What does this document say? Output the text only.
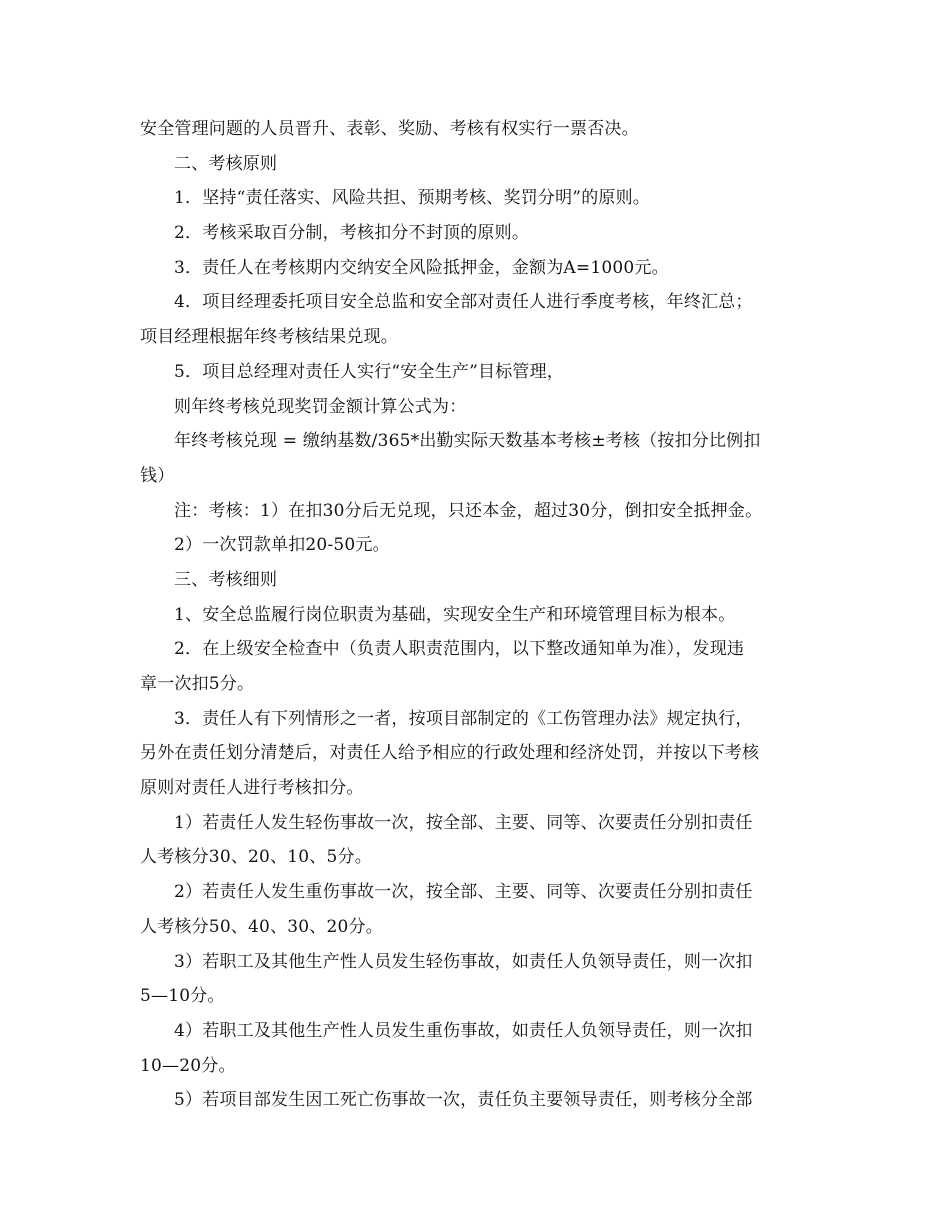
安全管理问题的人员晋升、表彰、奖励、考核有权实行一票否决。
二、考核原则
1．坚持“责任落实、风险共担、预期考核、奖罚分明”的原则。
2．考核采取百分制，考核扣分不封顶的原则。
3．责任人在考核期内交纳安全风险抵押金，金额为A=1000元。
4．项目经理委托项目安全总监和安全部对责任人进行季度考核，年终汇总；
项目经理根据年终考核结果兑现。
5．项目总经理对责任人实行“安全生产”目标管理，
则年终考核兑现奖罚金额计算公式为：
年终考核兑现 = 缴纳基数/365*出勤实际天数基本考核±考核（按扣分比例扣
钱）
注：考核：1）在扣30分后无兑现，只还本金，超过30分，倒扣安全抵押金。
2）一次罚款单扣20-50元。
三、考核细则
1、安全总监履行岗位职责为基础，实现安全生产和环境管理目标为根本。
2．在上级安全检查中（负责人职责范围内，以下整改通知单为准），发现违
章一次扣5分。
3．责任人有下列情形之一者，按项目部制定的《工伤管理办法》规定执行，
另外在责任划分清楚后，对责任人给予相应的行政处理和经济处罚，并按以下考核
原则对责任人进行考核扣分。
1）若责任人发生轻伤事故一次，按全部、主要、同等、次要责任分别扣责任
人考核分30、20、10、5分。
2）若责任人发生重伤事故一次，按全部、主要、同等、次要责任分别扣责任
人考核分50、40、30、20分。
3）若职工及其他生产性人员发生轻伤事故，如责任人负领导责任，则一次扣
5—10分。
4）若职工及其他生产性人员发生重伤事故，如责任人负领导责任，则一次扣
10—20分。
5）若项目部发生因工死亡伤事故一次，责任负主要领导责任，则考核分全部
